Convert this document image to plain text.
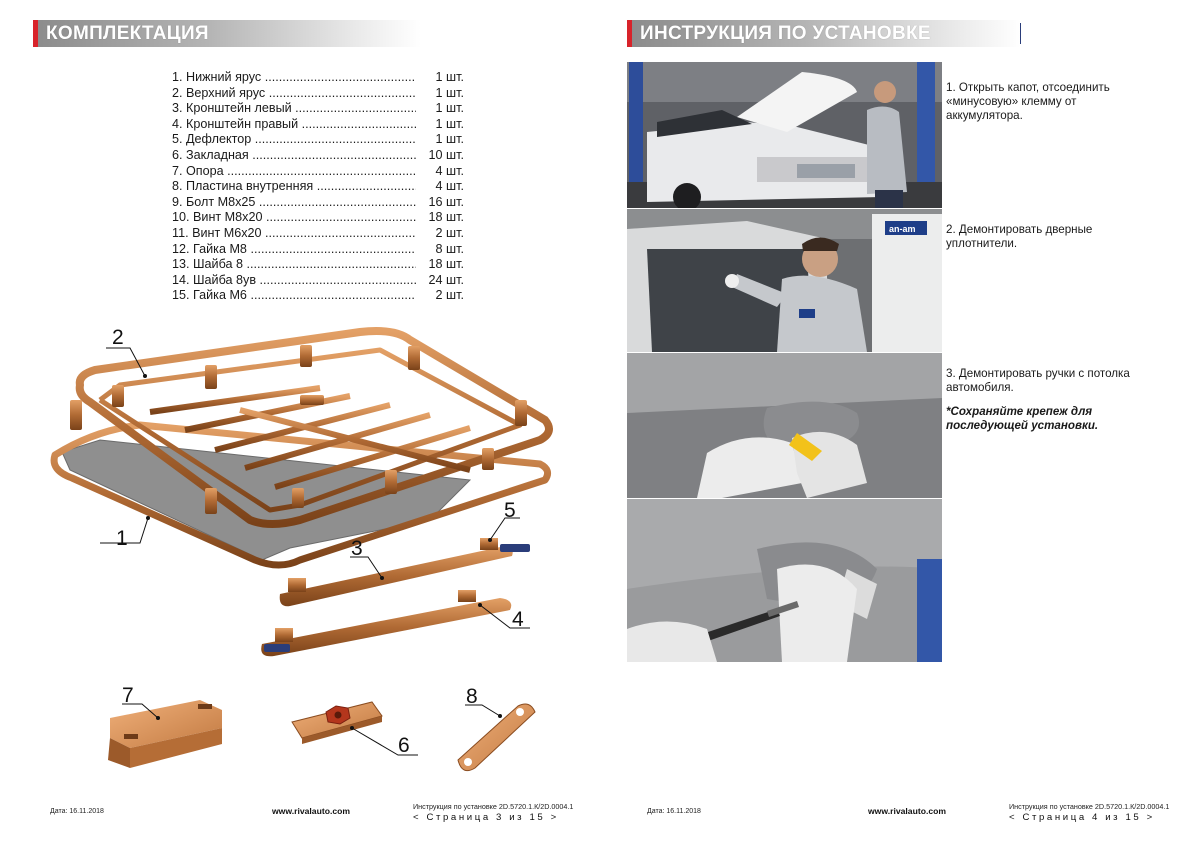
КОМПЛЕКТАЦИЯ
1. Нижний ярус .....	1 шт.
2. Верхний ярус .....	1 шт.
3. Кронштейн левый .....	1 шт.
4. Кронштейн правый .....	1 шт.
5. Дефлектор .....	1 шт.
6. Закладная .....	10 шт.
7. Опора .....	4 шт.
8. Пластина внутренняя .....	4 шт.
9. Болт М8х25 .....	16 шт.
10. Винт М8х20 .....	18 шт.
11. Винт М6х20 .....	2 шт.
12. Гайка М8 .....	8 шт.
13. Шайба 8 .....	18 шт.
14. Шайба 8ув .....	24 шт.
15. Гайка М6 .....	2 шт.
1
2
3
4
5
6
7	8
Дата: 16.11.2018	www.rivalauto.com	Инструкция по установке 2D.5720.1.К/2D.0004.1
< Страница 3 из 15 >
ИНСТРУКЦИЯ ПО УСТАНОВКЕ
an-am
1. Открыть капот, отсоединить «минусовую» клемму от аккумулятора.
2. Демонтировать дверные уплотнители.
3. Демонтировать ручки с потолка автомобиля.
*Сохраняйте крепеж для последующей установки.
Дата: 16.11.2018	www.rivalauto.com	Инструкция по установке 2D.5720.1.К/2D.0004.1
< Страница 4 из 15 >
